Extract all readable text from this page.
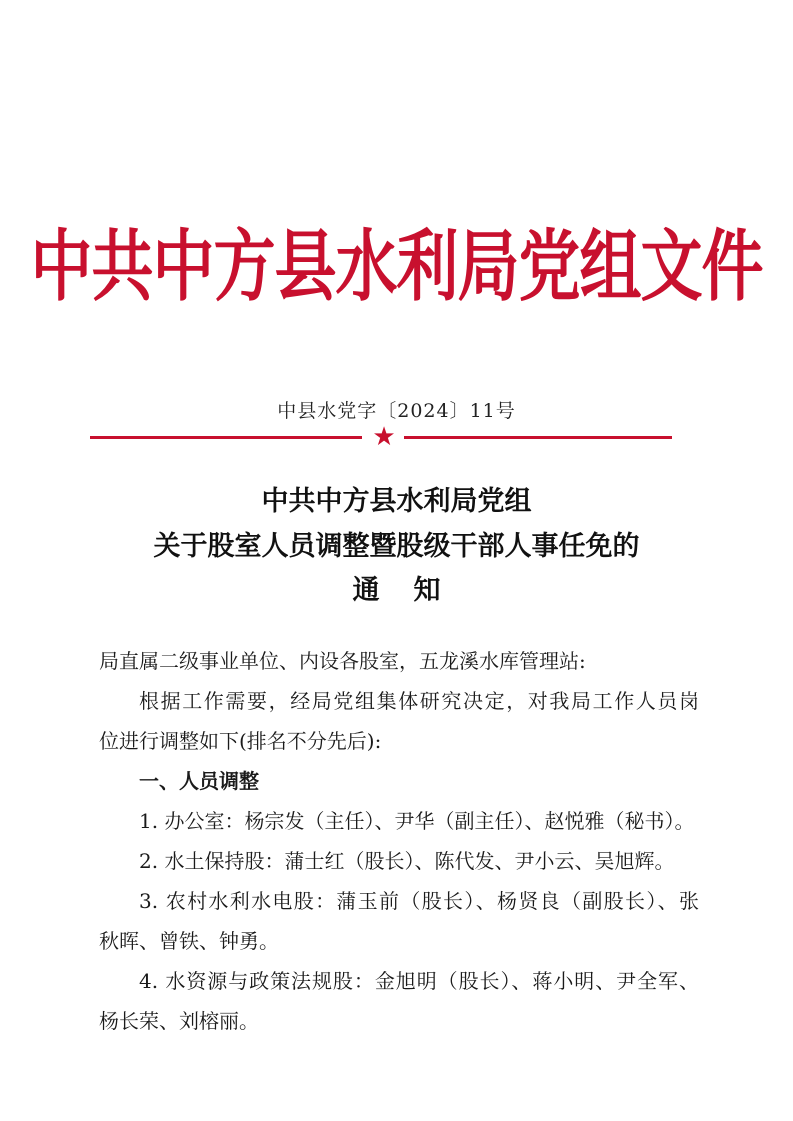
中共中方县水利局党组文件
中县水党字〔2024〕11号
★
中共中方县水利局党组
关于股室人员调整暨股级干部人事任免的
通知
局直属二级事业单位、内设各股室，五龙溪水库管理站:
根据工作需要，经局党组集体研究决定，对我局工作人员岗
位进行调整如下(排名不分先后):
一、人员调整
1. 办公室：杨宗发（主任）、尹华（副主任）、赵悦雅（秘书）。
2. 水土保持股：蒲士红（股长）、陈代发、尹小云、吴旭辉。
3. 农村水利水电股：蒲玉前（股长）、杨贤良（副股长）、张
秋晖、曾铁、钟勇。
4. 水资源与政策法规股：金旭明（股长）、蒋小明、尹全军、
杨长荣、刘榕丽。
